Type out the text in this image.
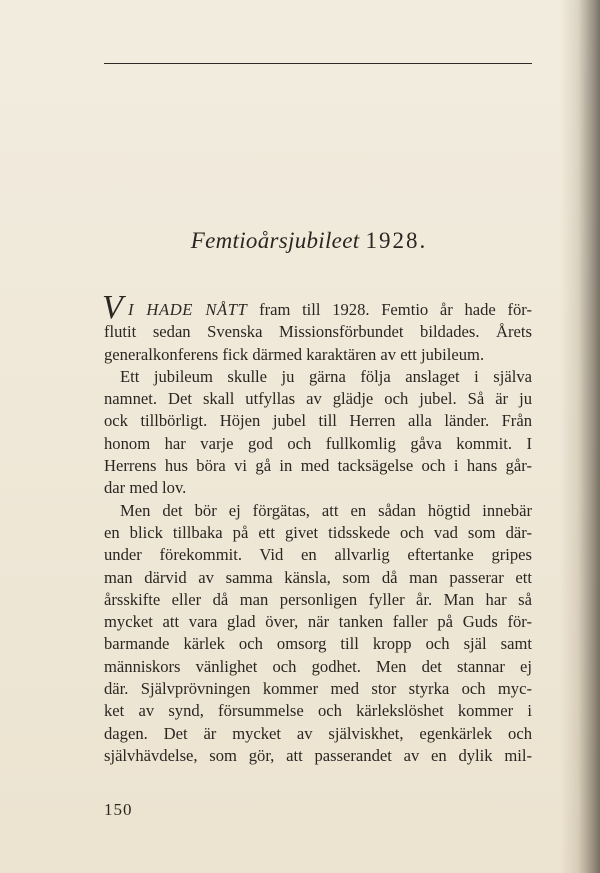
Femtioårsjubileet 1928.
V I HADE NÅTT fram till 1928. Femtio år hade för-
flutit sedan Svenska Missionsförbundet bildades. Årets
generalkonferens fick därmed karaktären av ett jubileum.
Ett jubileum skulle ju gärna följa anslaget i själva
namnet. Det skall utfyllas av glädje och jubel. Så är ju
ock tillbörligt. Höjen jubel till Herren alla länder. Från
honom har varje god och fullkomlig gåva kommit. I
Herrens hus böra vi gå in med tacksägelse och i hans går-
dar med lov.
Men det bör ej förgätas, att en sådan högtid innebär
en blick tillbaka på ett givet tidsskede och vad som där-
under förekommit. Vid en allvarlig eftertanke gripes
man därvid av samma känsla, som då man passerar ett
årsskifte eller då man personligen fyller år. Man har så
mycket att vara glad över, när tanken faller på Guds för-
barmande kärlek och omsorg till kropp och själ samt
människors vänlighet och godhet. Men det stannar ej
där. Självprövningen kommer med stor styrka och myc-
ket av synd, försummelse och kärlekslöshet kommer i
dagen. Det är mycket av själviskhet, egenkärlek och
självhävdelse, som gör, att passerandet av en dylik mil-
150
